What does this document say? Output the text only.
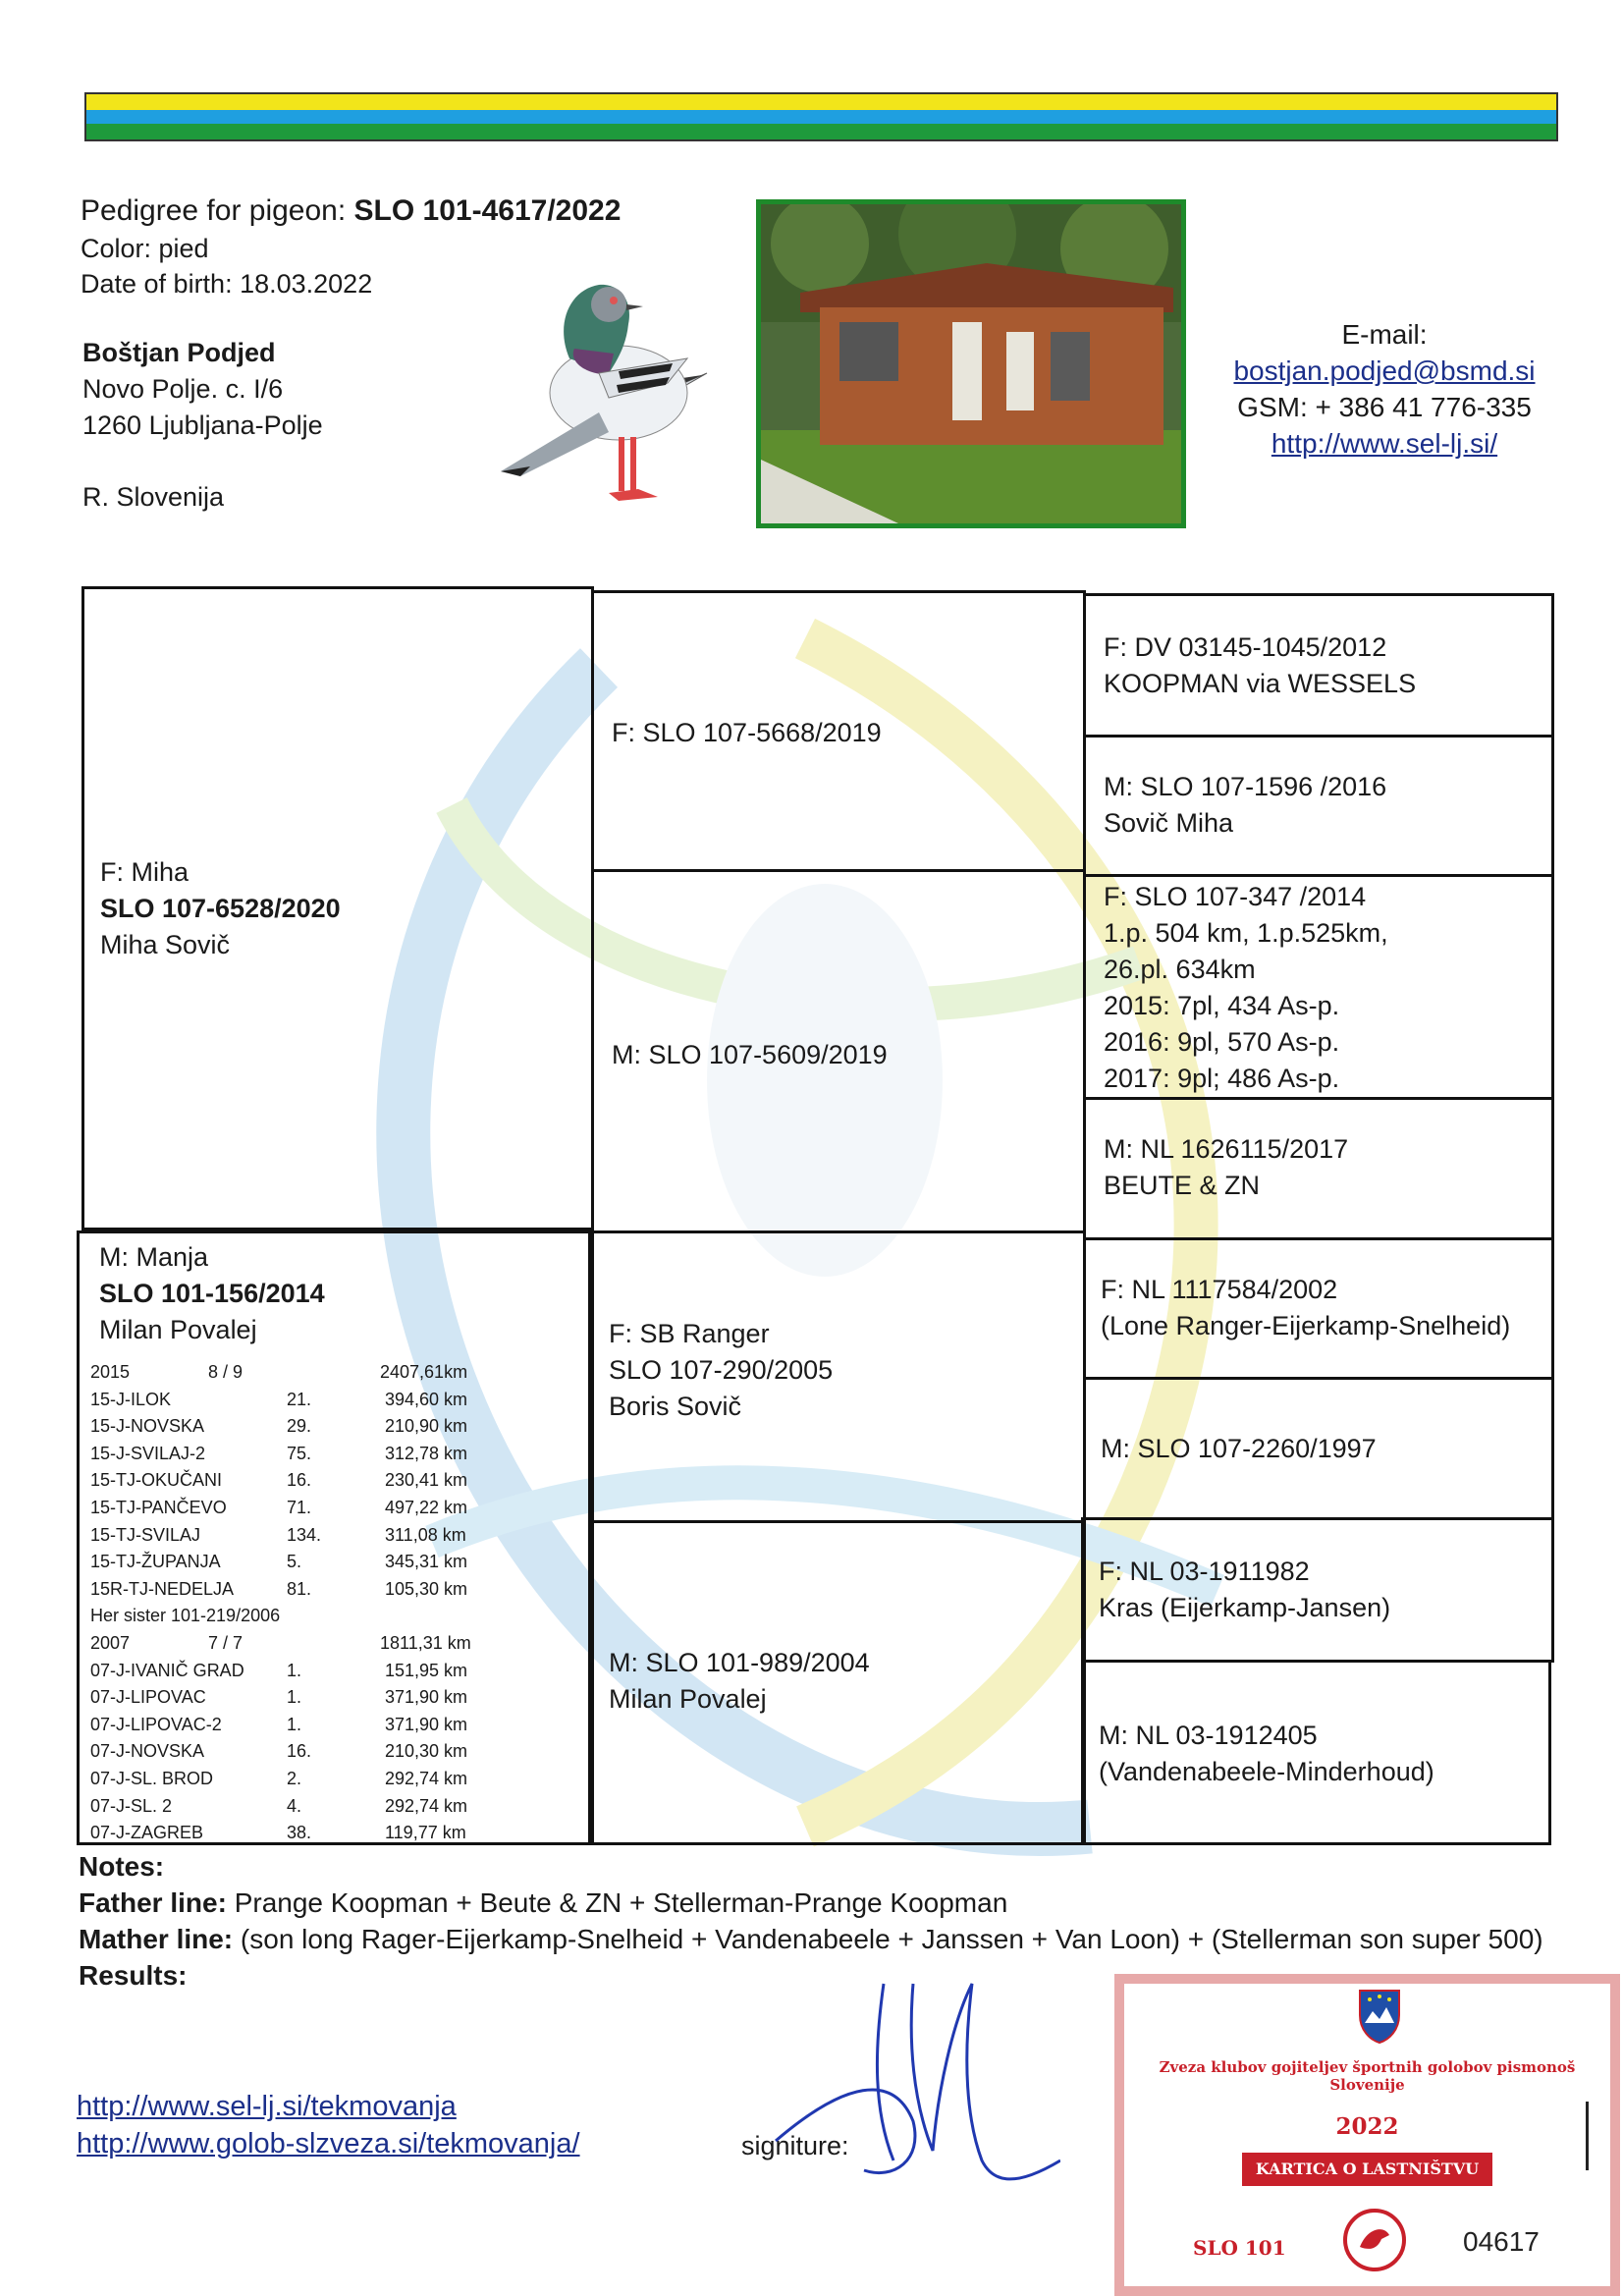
Pedigree for pigeon: SLO 101-4617/2022
Color: pied
Date of birth: 18.03.2022
Boštjan Podjed
Novo Polje. c. I/6
1260 Ljubljana-Polje
R. Slovenija
E-mail:
bostjan.podjed@bsmd.si
GSM: + 386 41 776-335
http://www.sel-lj.si/
F: Miha
SLO 107-6528/2020
Miha Sovič
M: Manja
SLO 101-156/2014
Milan Povalej
2015	8 / 9	2407,61km
15-J-ILOK	21.	394,60 km
15-J-NOVSKA	29.	210,90 km
15-J-SVILAJ-2	75.	312,78 km
15-TJ-OKUČANI	16.	230,41 km
15-TJ-PANČEVO	71.	497,22 km
15-TJ-SVILAJ	134.	311,08 km
15-TJ-ŽUPANJA	5.	345,31 km
15R-TJ-NEDELJA	81.	105,30 km
Her sister 101-219/2006
2007	7 / 7	1811,31 km
07-J-IVANIČ GRAD 1.	151,95 km
07-J-LIPOVAC	1.	371,90 km
07-J-LIPOVAC-2	1.	371,90 km
07-J-NOVSKA	16.	210,30 km
07-J-SL. BROD	2.	292,74 km
07-J-SL. 2	4.	292,74 km
07-J-ZAGREB	38.	119,77 km
F: SLO 107-5668/2019
M: SLO 107-5609/2019
F: SB Ranger
SLO 107-290/2005
Boris Sovič
M: SLO 101-989/2004
Milan Povalej
F: DV 03145-1045/2012
KOOPMAN via WESSELS
M: SLO 107-1596 /2016
Sovič Miha
F: SLO 107-347 /2014
1.p. 504 km, 1.p.525km,
26.pl. 634km
2015: 7pl, 434 As-p.
2016: 9pl, 570 As-p.
2017: 9pl; 486 As-p.
M: NL 1626115/2017
BEUTE & ZN
F: NL 1117584/2002
(Lone Ranger-Eijerkamp-Snelheid)
M: SLO 107-2260/1997
F: NL 03-1911982
Kras (Eijerkamp-Jansen)
M: NL 03-1912405
(Vandenabeele-Minderhoud)
Notes:
Father line: Prange Koopman + Beute & ZN + Stellerman-Prange Koopman
Mather line: (son long Rager-Eijerkamp-Snelheid + Vandenabeele + Janssen + Van Loon) + (Stellerman son super 500)
Results:
http://www.sel-lj.si/tekmovanja
http://www.golob-slzveza.si/tekmovanja/	signiture:
Zveza klubov gojiteljev športnih golobov pismonoš Slovenije
2022
KARTICA O LASTNIŠTVU GOLOBA
SLO 101	04617
